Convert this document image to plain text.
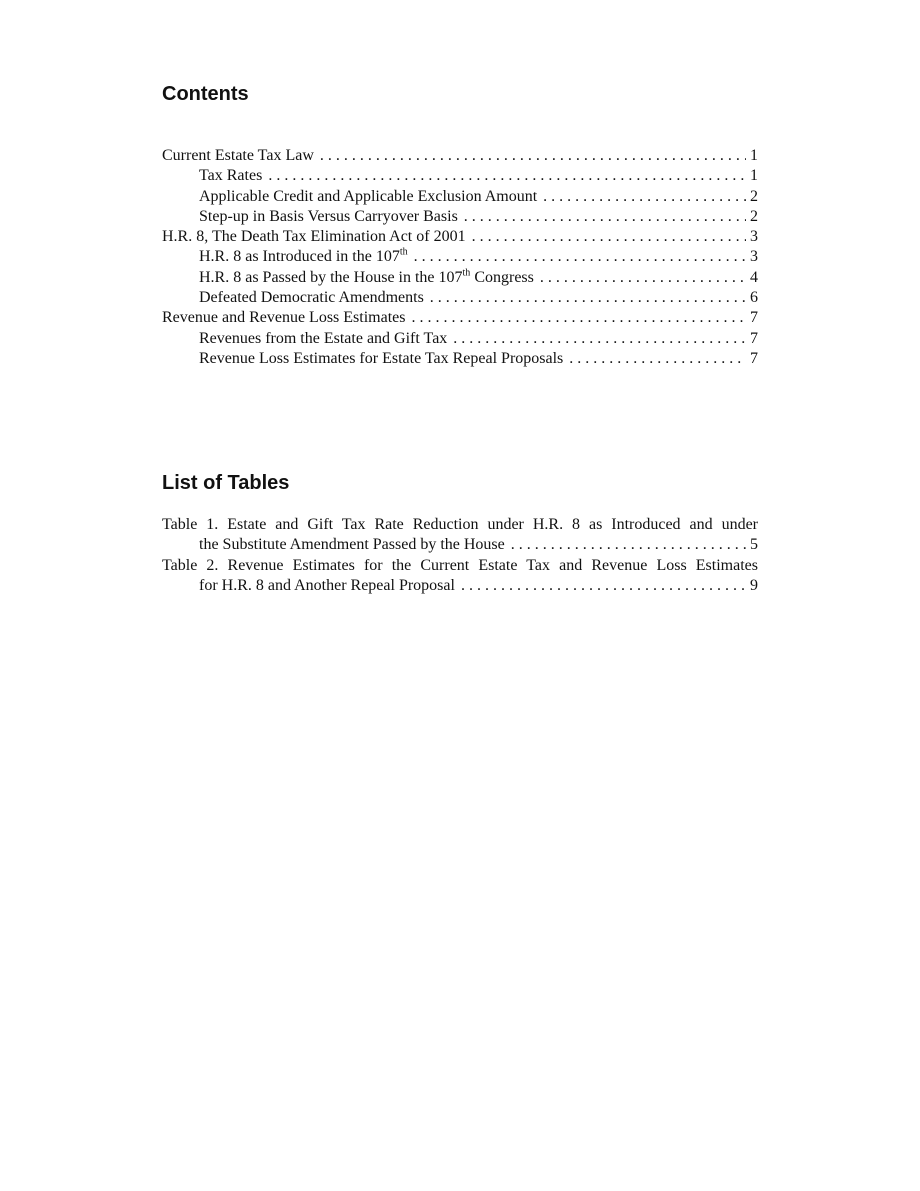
Contents
Current Estate Tax Law . . .	1
Tax Rates . . .	1
Applicable Credit and Applicable Exclusion Amount . . .	2
Step-up in Basis Versus Carryover Basis . . .	2
H.R. 8, The Death Tax Elimination Act of 2001 . . .	3
H.R. 8 as Introduced in the 107th . . .	3
H.R. 8 as Passed by the House in the 107th Congress . . .	4
Defeated Democratic Amendments . . .	6
Revenue and Revenue Loss Estimates . . .	7
Revenues from the Estate and Gift Tax . . .	7
Revenue Loss Estimates for Estate Tax Repeal Proposals . . .	7
List of Tables
Table 1. Estate and Gift Tax Rate Reduction under H.R. 8 as Introduced and under
the Substitute Amendment Passed by the House . . .	5
Table 2. Revenue Estimates for the Current Estate Tax and Revenue Loss Estimates
for H.R. 8 and Another Repeal Proposal . . .	9
